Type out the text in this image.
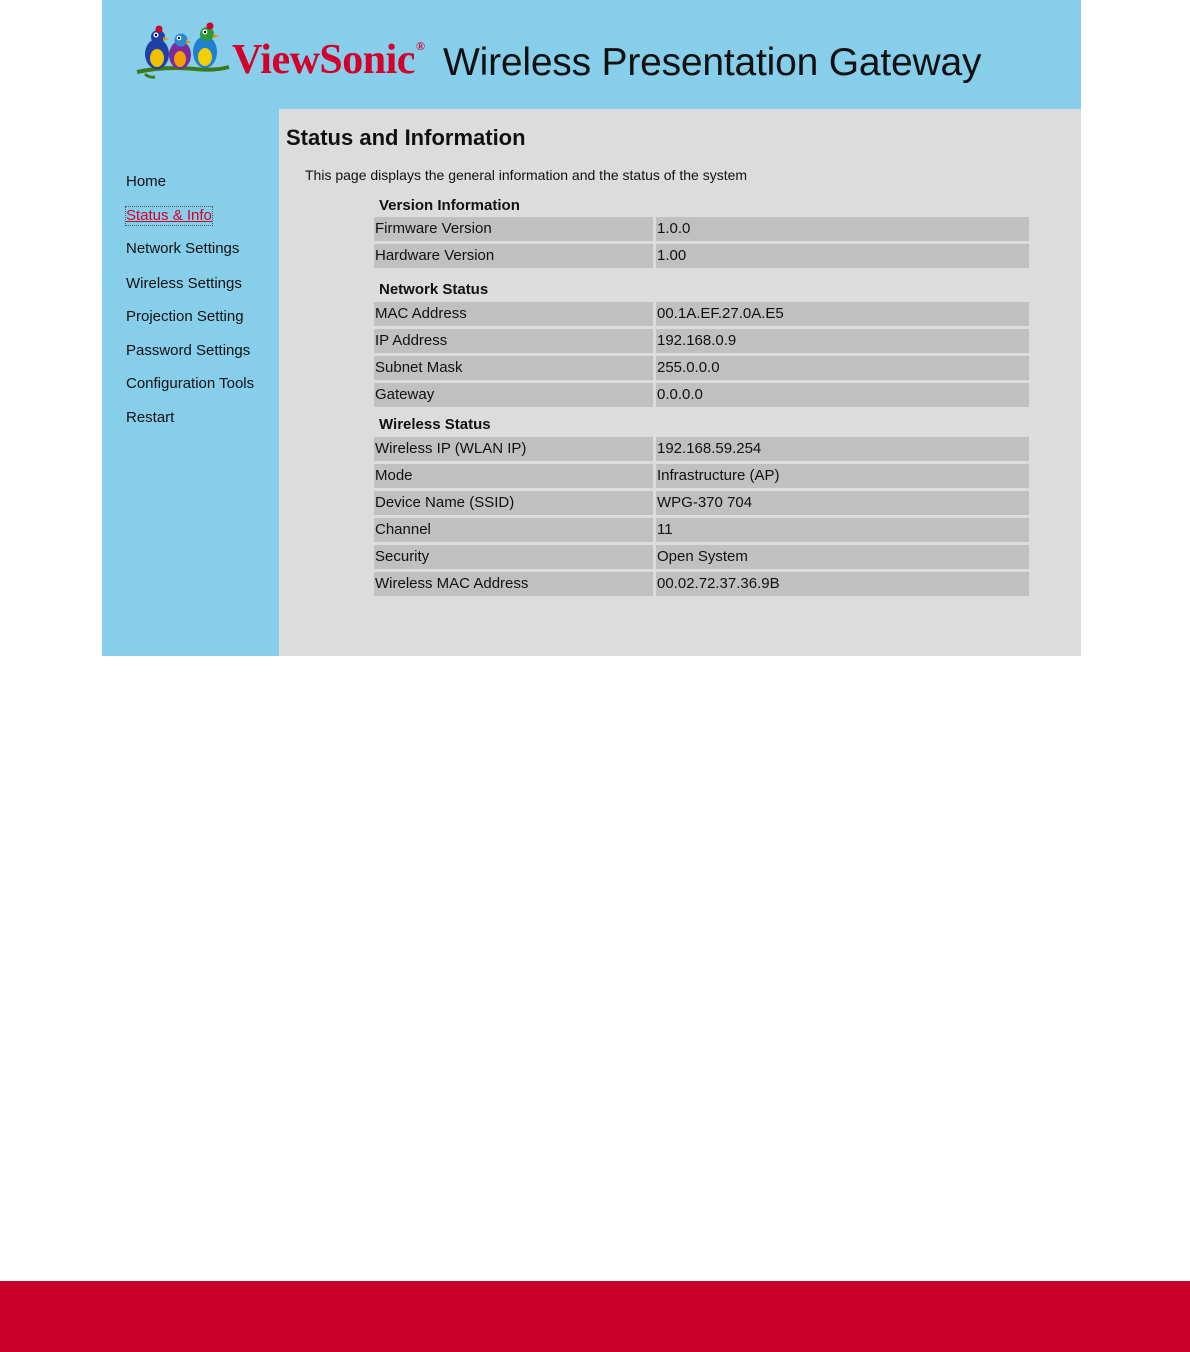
ViewSonic® Wireless Presentation Gateway
Home
Status & Info
Network Settings
Wireless Settings
Projection Setting
Password Settings
Configuration Tools
Restart
Status and Information
This page displays the general information and the status of the system
Version Information
Firmware Version	1.0.0
Hardware Version	1.00
Network Status
MAC Address	00.1A.EF.27.0A.E5
IP Address	192.168.0.9
Subnet Mask	255.0.0.0
Gateway	0.0.0.0
Wireless Status
Wireless IP (WLAN IP)	192.168.59.254
Mode	Infrastructure (AP)
Device Name (SSID)	WPG-370 704
Channel	11
Security	Open System
Wireless MAC Address	00.02.72.37.36.9B
